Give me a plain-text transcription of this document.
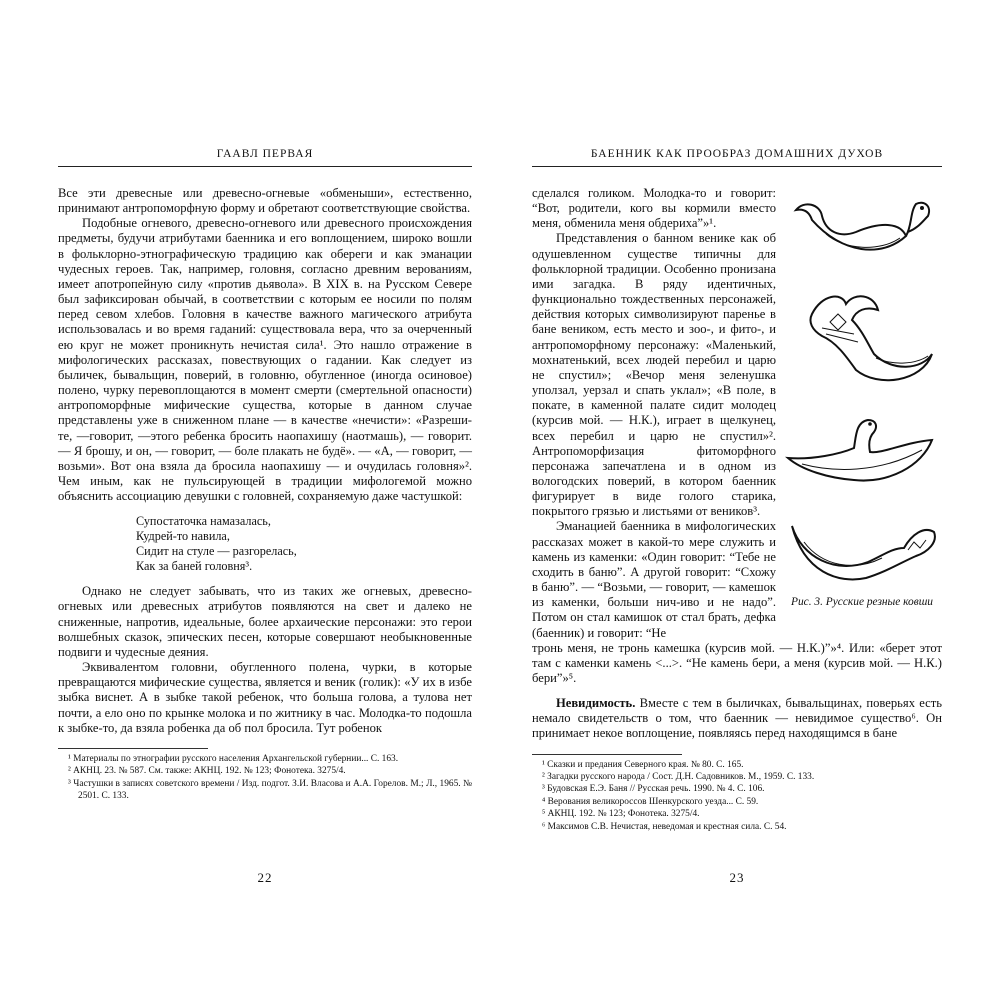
ГААВЛ ПЕРВАЯ

Все эти древесные или древесно-огневые «обменыши», естественно, принимают антропоморфную форму и обретают соответствующие свойства.

Подобные огневого, древесно-огневого или древесного происхождения предметы, будучи атрибутами баенника и его воплощением, широко вошли в фольклорно-этнографическую традицию как обереги и как эманации чудесных героев. Так, например, головня, согласно древним верованиям, имеет апотропейную силу «против дьявола». В XIX в. на Русском Севере был зафиксирован обычай, в соответствии с которым ее носили по полям перед севом хлебов. Головня в качестве важного магического атрибута использовалась и во время гаданий: существовала вера, что за очерченный ею круг не может проникнуть нечистая сила¹. Это нашло отражение в мифологических рассказах, повествующих о гадании. Как следует из быличек, бывальщин, поверий, в головню, обугленное (иногда осиновое) полено, чурку перевоплощаются в момент смерти (смертельной опасности) антропоморфные мифические существа, которые в данном случае представлены уже в сниженном плане — в качестве «нечисти»: «Разреши-те, —говорит, —этого ребенка бросить наопахишу (наотмашь), — говорит. — Я брошу, и он, — говорит, — боле плакать не будё». — «А, — говорит, — возьми». Вот она взяла да бросила наопахишу — и очудилась головня»². Чем иным, как не пульсирующей в традиции мифологемой можно объяснить ассоциацию девушки с головней, сохраняемую даже частушкой:

Супостаточка намазалась,
Кудрей-то навила,
Сидит на стуле — разгорелась,
Как за баней головня³.

Однако не следует забывать, что из таких же огневых, древесно-огневых или древесных атрибутов появляются на свет и далеко не сниженные, напротив, идеальные, более архаические персонажи: это герои волшебных сказок, эпических песен, которые совершают необыкновенные подвиги и чудесные деяния.

Эквивалентом головни, обугленного полена, чурки, в которые превращаются мифические существа, является и веник (голик): «У их в избе зыбка виснет. А в зыбке такой ребенок, что больша голова, а тулова нет почти, а ело оно по крынке молока и по житнику в час. Молодка-то подошла к зыбке-то, да взяла робенка да об пол бросила. Тут робенок

¹ Материалы по этнографии русского населения Архангельской губернии... С. 163.
² АКНЦ. 23. № 587. См. также: АКНЦ. 192. № 123; Фонотека. 3275/4.
³ Частушки в записях советского времени / Изд. подгот. З.И. Власова и А.А. Горелов. М.; Л., 1965. № 2501. С. 133.
22
БАЕННИК КАК ПРООБРАЗ ДОМАШНИХ ДУХОВ

сделался голиком. Молодка-то и говорит: “Вот, родители, кого вы кормили вместо меня, обменила меня обдериха”»¹.

Представления о банном венике как об одушевленном существе типичны для фольклорной традиции. Особенно пронизана ими загадка. В ряду идентичных, функционально тождественных персонажей, действия которых символизируют паренье в бане веником, есть место и зоо-, и фито-, и антропоморфному персонажу: «Маленький, мохнатенький, всех людей перебил и царю не спустил»; «Вечор меня зеленушка уползал, уерзал и спать уклал»; «В поле, в покате, в каменной палате сидит молодец (курсив мой. — Н.К.), играет в щелкунец, всех перебил и царю не спустил»². Антропоморфизация фитоморфного персонажа запечатлена и в одном из вологодских поверий, в котором баенник фигурирует в виде голого старика, покрытого грязью и листьями от веников³.

Эманацией баенника в мифологических рассказах может в какой-то мере служить и камень из каменки: «Один говорит: “Тебе не сходить в баню”. А другой говорит: “Схожу в баню”. — “Возьми, — говорит, — камешок из каменки, больши нич-иво и не надо”. Потом он стал камишок от стал брать, дефка (баенник) и говорит: “Не

тронь меня, не тронь камешка (курсив мой. — Н.К.)”»⁴. Или: «берет этот там с каменки камень <...>. “Не камень бери, а меня (курсив мой. — Н.К.) бери”»⁵.

Невидимость. Вместе с тем в быличках, бывальщинах, поверьях есть немало свидетельств о том, что баенник — невидимое существо⁶. Он принимает некое воплощение, появляясь перед находящимся в бане

¹ Сказки и предания Северного края. № 80. С. 165.
² Загадки русского народа / Сост. Д.Н. Садовников. М., 1959. С. 133.
³ Будовская Е.Э. Баня // Русская речь. 1990. № 4. С. 106.
⁴ Верования великороссов Шенкурского уезда... С. 59.
⁵ АКНЦ. 192. № 123; Фонотека. 3275/4.
⁶ Максимов С.В. Нечистая, неведомая и крестная сила. С. 54.
Рис. 3. Русские резные ковши
23
